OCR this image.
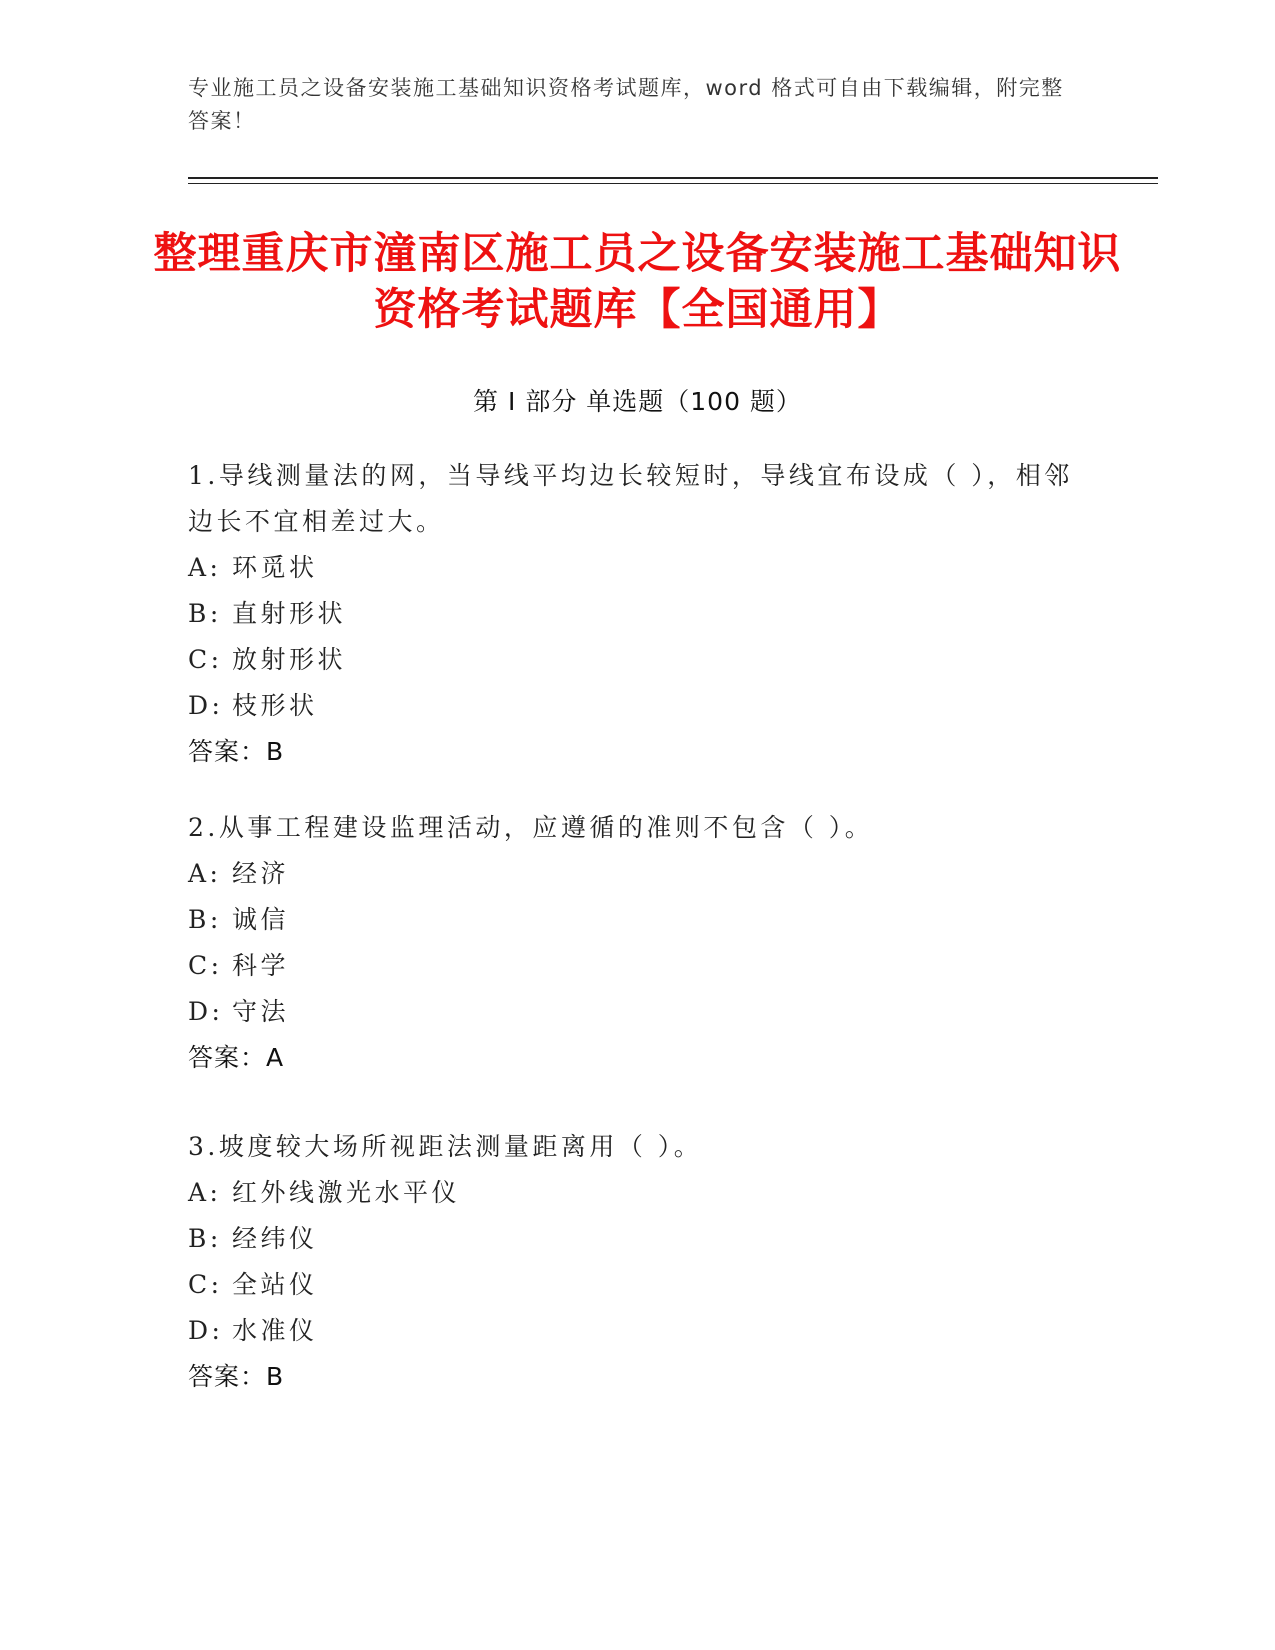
专业施工员之设备安装施工基础知识资格考试题库，word 格式可自由下载编辑，附完整答案！
整理重庆市潼南区施工员之设备安装施工基础知识资格考试题库【全国通用】
第 I 部分 单选题（100 题）

1.导线测量法的网，当导线平均边长较短时，导线宜布设成（ ），相邻边长不宜相差过大。

A: 环觅状

B: 直射形状

C: 放射形状

D: 枝形状

答案：B

2.从事工程建设监理活动，应遵循的准则不包含（ ）。

A: 经济

B: 诚信

C: 科学

D: 守法

答案：A

3.坡度较大场所视距法测量距离用（ ）。

A: 红外线激光水平仪

B: 经纬仪

C: 全站仪

D: 水准仪

答案：B
